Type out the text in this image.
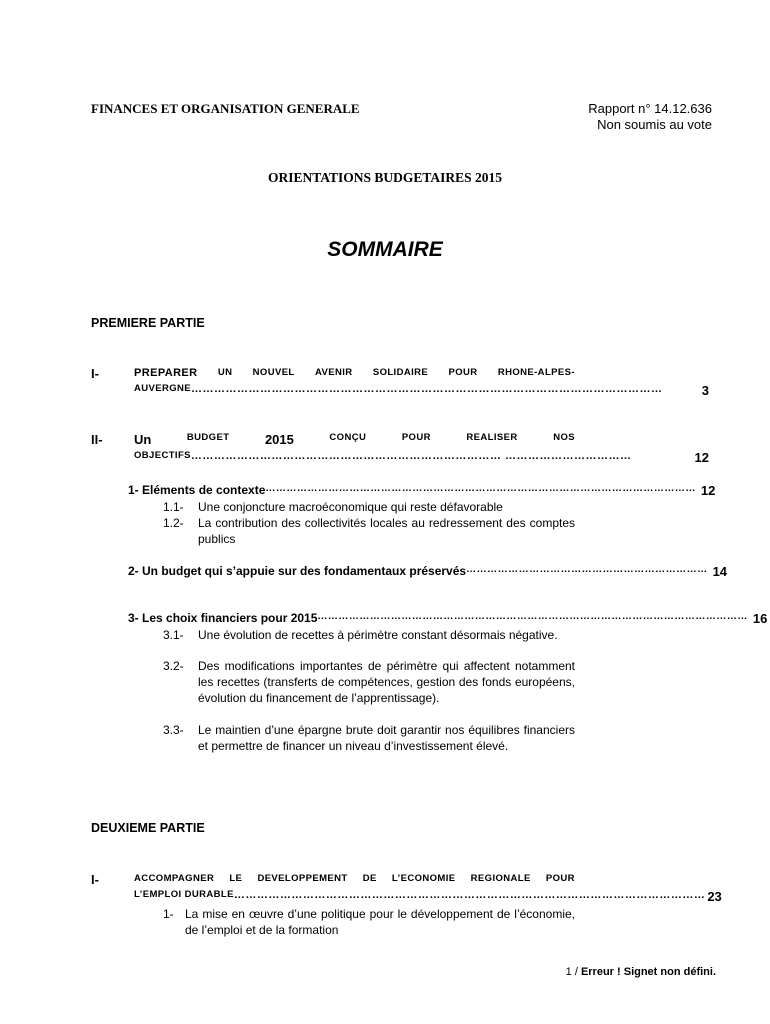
FINANCES ET ORGANISATION GENERALE	Rapport n° 14.12.636
Non soumis au vote
ORIENTATIONS BUDGETAIRES 2015
SOMMAIRE
PREMIERE PARTIE
I-	PREPARER UN NOUVEL AVENIR SOLIDAIRE POUR RHONE-ALPES-
AUVERGNE ……………………………………………………………………………………………………………	3
II- Un	BUDGET	2015	CONÇU	POUR	REALISER	NOS
OBJECTIFS ……………………………………………………………………… ……………………………	12
1- Eléments de contexte …………………………………………………………………………………………………………… 12
1.1- Une conjoncture macroéconomique qui reste défavorable
1.2- La contribution des collectivités locales au redressement des comptes publics
2- Un budget qui s’appuie sur des fondamentaux préservés …………………………………………………………… 14
3- Les choix financiers pour 2015 …………………………………………………………………………………………………………… 16
3.1- Une évolution de recettes à périmètre constant désormais négative.
3.2- Des modifications importantes de périmètre qui affectent notamment les recettes (transferts de compétences, gestion des fonds européens, évolution du financement de l’apprentissage).
3.3- Le maintien d’une épargne brute doit garantir nos équilibres financiers et permettre de financer un niveau d’investissement élevé.
DEUXIEME PARTIE
I-	ACCOMPAGNER LE DEVELOPPEMENT DE L’ECONOMIE REGIONALE POUR
L’EMPLOI DURABLE …………………………………………………………………………………………………………… 23
1- La mise en œuvre d’une politique pour le développement de l’économie, de l’emploi et de la formation
1 / Erreur ! Signet non défini.
